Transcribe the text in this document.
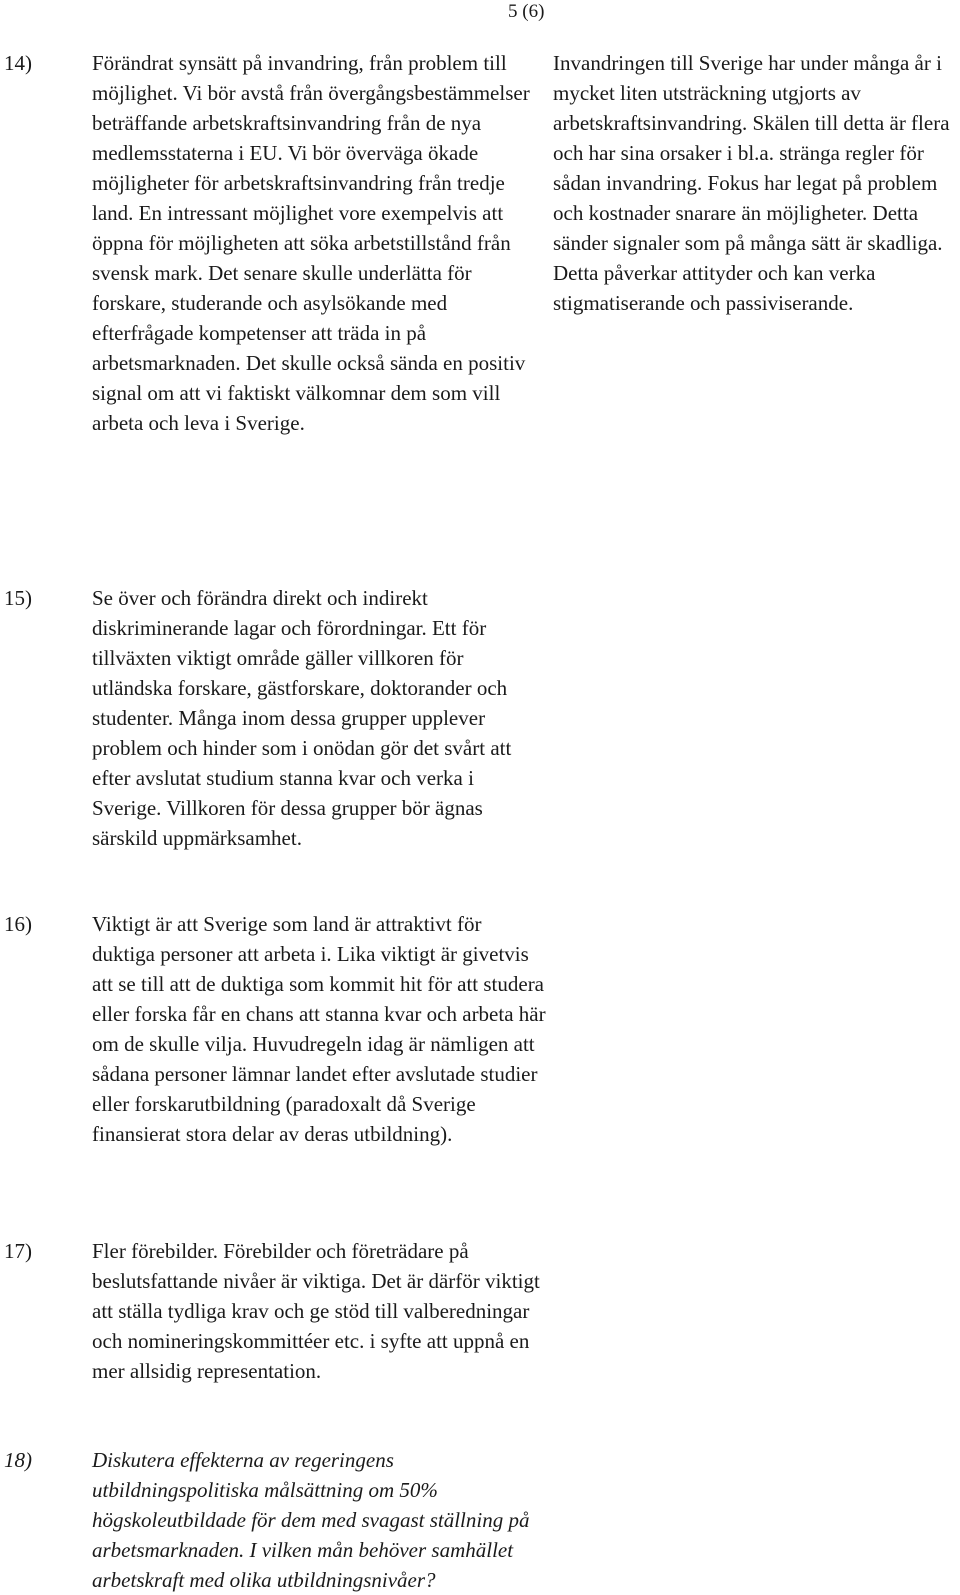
5 (6)
14)	Förändrat synsätt på invandring, från problem till möjlighet. Vi bör avstå från övergångsbestämmelser beträffande arbetskraftsinvandring från de nya medlemsstaterna i EU. Vi bör överväga ökade möjligheter för arbetskraftsinvandring från tredje land. En intressant möjlighet vore exempelvis att öppna för möjligheten att söka arbetstillstånd från svensk mark. Det senare skulle underlätta för forskare, studerande och asylsökande med efterfrågade kompetenser att träda in på arbetsmarknaden. Det skulle också sända en positiv signal om att vi faktiskt välkomnar dem som vill arbeta och leva i Sverige.
15)	Se över och förändra direkt och indirekt diskriminerande lagar och förordningar. Ett för tillväxten viktigt område gäller villkoren för utländska forskare, gästforskare, doktorander och studenter. Många inom dessa grupper upplever problem och hinder som i onödan gör det svårt att efter avslutat studium stanna kvar och verka i Sverige. Villkoren för dessa grupper bör ägnas särskild uppmärksamhet.
16)	Viktigt är att Sverige som land är attraktivt för duktiga personer att arbeta i. Lika viktigt är givetvis att se till att de duktiga som kommit hit för att studera eller forska får en chans att stanna kvar och arbeta här om de skulle vilja. Huvudregeln idag är nämligen att sådana personer lämnar landet efter avslutade studier eller forskarutbildning (paradoxalt då Sverige finansierat stora delar av deras utbildning).
17)	Fler förebilder. Förebilder och företrädare på beslutsfattande nivåer är viktiga. Det är därför viktigt att ställa tydliga krav och ge stöd till valberedningar och nomineringskommittéer etc. i syfte att uppnå en mer allsidig representation.
18)	Diskutera effekterna av regeringens utbildningspolitiska målsättning om 50% högskoleutbildade för dem med svagast ställning på arbetsmarknaden. I vilken mån behöver samhället arbetskraft med olika utbildningsnivåer?
Invandringen till Sverige har under många år i mycket liten utsträckning utgjorts av arbetskraftsinvandring. Skälen till detta är flera och har sina orsaker i bl.a. stränga regler för sådan invandring. Fokus har legat på problem och kostnader snarare än möjligheter. Detta sänder signaler som på många sätt är skadliga. Detta påverkar attityder och kan verka stigmatiserande och passiviserande.
